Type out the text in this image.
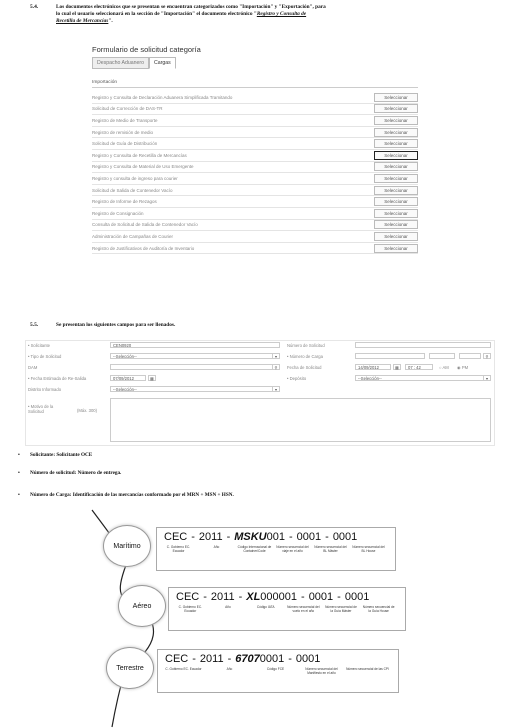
5.4.	Los documentos electrónicos que se presentan se encuentran categorizados como "Importación" y "Exportación", para
lo cual el usuario seleccionará en la sección de "Importación" el documento electrónico "Registro y Consulta de
Recetilla de Mercancías".
Formulario de solicitud categoría
Despacho Aduanero	Cargas
Importación
Registro y Consulta de Declaración Aduanera Simplificada Tramitando	Seleccionar
Solicitud de Corrección de DAS-TR	Seleccionar
Registro de Medio de Transporte	Seleccionar
Registro de remisión de medio	Seleccionar
Solicitud de Guía de Distribución	Seleccionar
Registro y Consulta de Recetilla de Mercancías	Seleccionar
Registro y Consulta de Material de Uso Emergente	Seleccionar
Registro y consulta de ingreso para courier	Seleccionar
Solicitud de Salida de Contenedor Vacío	Seleccionar
Registro de Informe de Rezagos	Seleccionar
Registro de Consignación	Seleccionar
Consulta de Solicitud de Salida de Contenedor Vacío	Seleccionar
Administración de Campañas de Courier	Seleccionar
Registro de Justificativos de Auditoría de Inventario	Seleccionar
5.5.	Se presentan los siguientes campos para ser llenados.
• Solicitante	CEN0920	Número de Solicitud
• Tipo de Solicitud	--Selección--	▾	• Número de Carga	⚲
DAM	⚲	Fecha de Solicitud	14/09/2012	▦	07 : 42	○ AM ◉ PM
• Fecha Estimada de Re-Salida	07/09/2012	▦	• Depósito	--Selección--	▾
Distrito Informado	--Selección--	▾
• Motivo de la Solicitud	(Máx. 300)
• Solicitante: Solicitante OCE
• Número de solicitud: Número de entrega.
• Número de Carga: Identificación de las mercancías conformado por el MRN + MSN + HSN.
Marítimo
CEC - 2011 - MSKU001 - 0001 - 0001
C. Gobierno EC. Ecuador
Año	Código Internacional de Container/Code
Número secuencial del viaje en el año
Número secuencial del BL Máster
Número secuencial del BL House
Aéreo
CEC - 2011 - XL000001 - 0001 - 0001
C. Gobierno EC. Ecuador
Año	Código IATA	Número secuencial del vuelo en el año
Número secuencial de la Guía Máster
Número secuencial de la Guía House
Terrestre
CEC - 2011 - 67070001 - 0001
C. Gobierno EC. Ecuador	Año	Código FCE	Número secuencial del Manifiesto en el año
Número secuencial de las CPI
